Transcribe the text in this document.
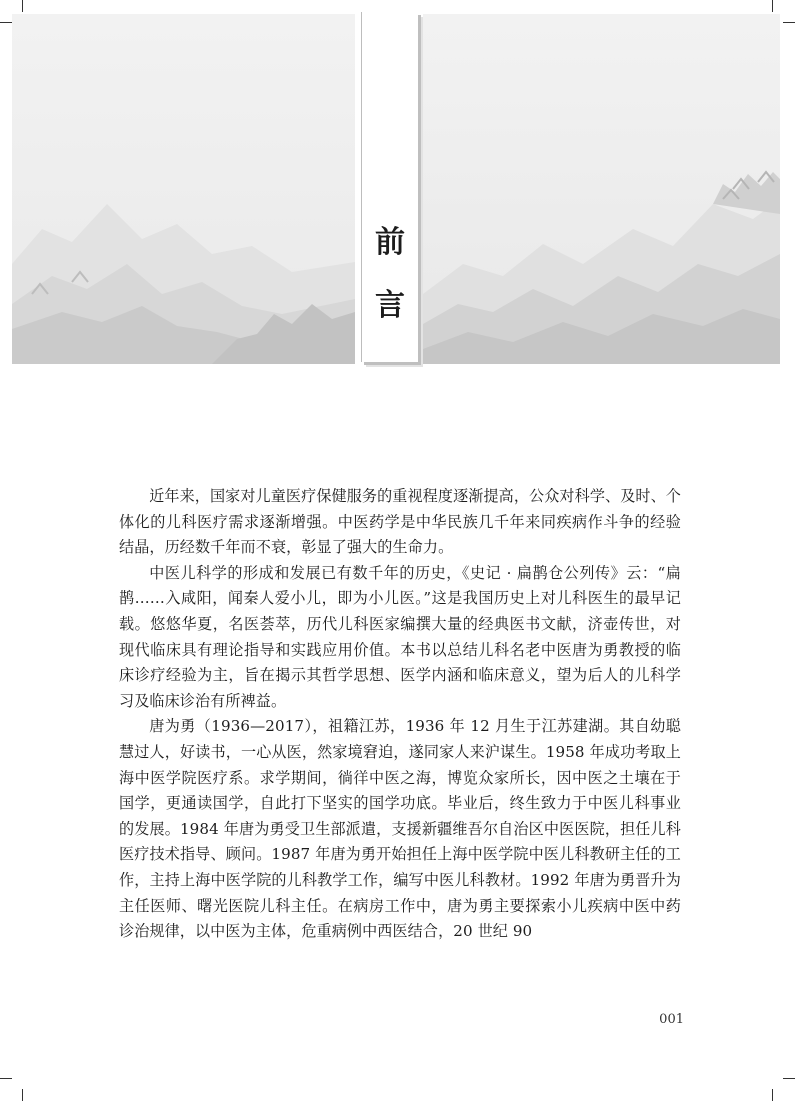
前
言

近年来，国家对儿童医疗保健服务的重视程度逐渐提高，公众对科学、及时、个体化的儿科医疗需求逐渐增强。中医药学是中华民族几千年来同疾病作斗争的经验结晶，历经数千年而不衰，彰显了强大的生命力。

中医儿科学的形成和发展已有数千年的历史，《史记 · 扁鹊仓公列传》云：“扁鹊……入咸阳，闻秦人爱小儿，即为小儿医。”这是我国历史上对儿科医生的最早记载。悠悠华夏，名医荟萃，历代儿科医家编撰大量的经典医书文献，济壶传世，对现代临床具有理论指导和实践应用价值。本书以总结儿科名老中医唐为勇教授的临床诊疗经验为主，旨在揭示其哲学思想、医学内涵和临床意义，望为后人的儿科学习及临床诊治有所裨益。

唐为勇（1936—2017），祖籍江苏，1936 年 12 月生于江苏建湖。其自幼聪慧过人，好读书，一心从医，然家境窘迫，遂同家人来沪谋生。1958 年成功考取上海中医学院医疗系。求学期间，徜徉中医之海，博览众家所长，因中医之土壤在于国学，更通读国学，自此打下坚实的国学功底。毕业后，终生致力于中医儿科事业的发展。1984 年唐为勇受卫生部派遣，支援新疆维吾尔自治区中医医院，担任儿科医疗技术指导、顾问。1987 年唐为勇开始担任上海中医学院中医儿科教研主任的工作，主持上海中医学院的儿科教学工作，编写中医儿科教材。1992 年唐为勇晋升为主任医师、曙光医院儿科主任。在病房工作中，唐为勇主要探索小儿疾病中医中药诊治规律，以中医为主体，危重病例中西医结合，20 世纪 90

001
